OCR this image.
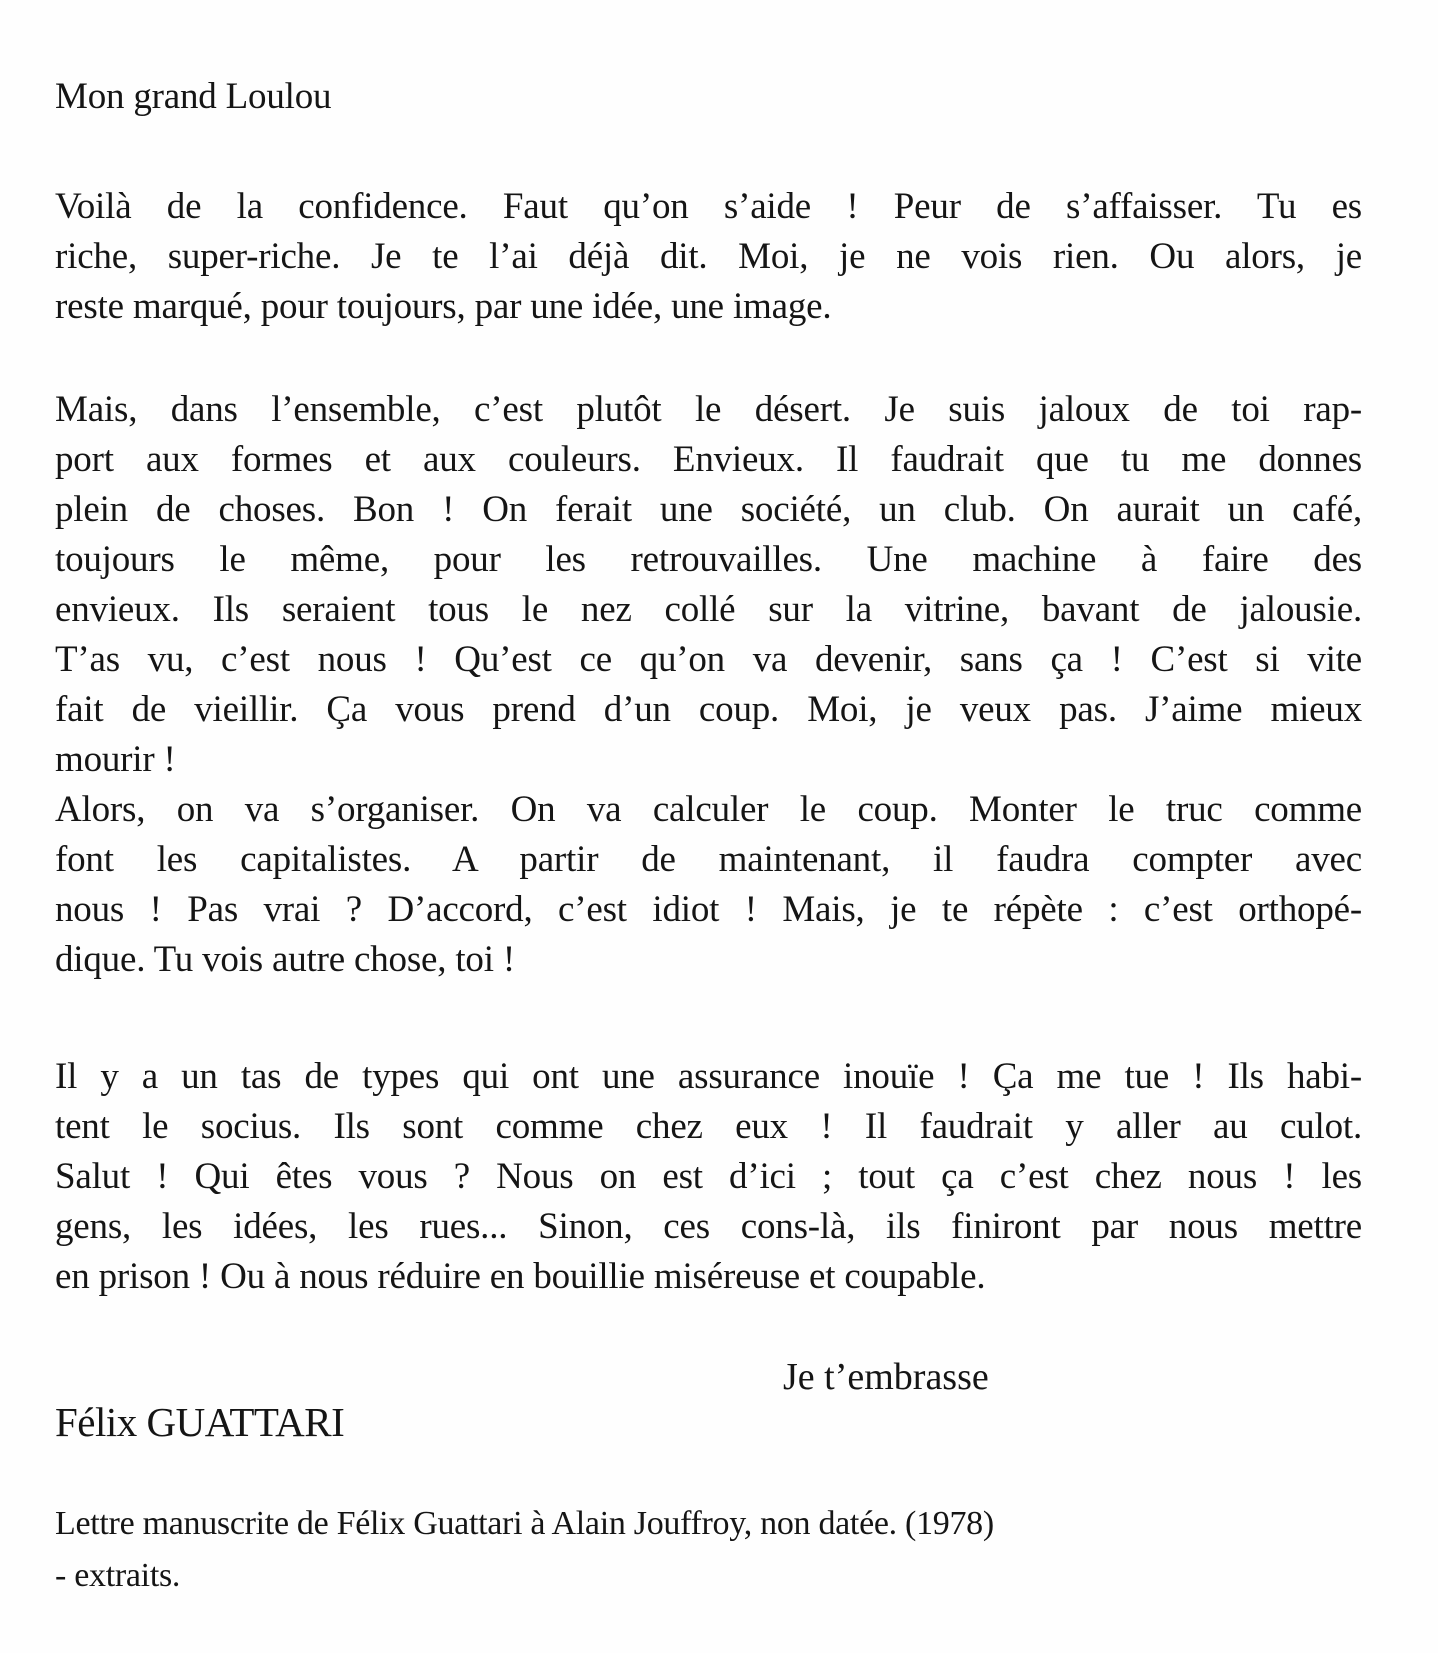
Mon grand Loulou
Voilà de la confidence. Faut qu’on s’aide ! Peur de s’affaisser. Tu es
riche, super-riche. Je te l’ai déjà dit. Moi, je ne vois rien. Ou alors, je
reste marqué, pour toujours, par une idée, une image.
Mais, dans l’ensemble, c’est plutôt le désert. Je suis jaloux de toi rap-
port aux formes et aux couleurs. Envieux. Il faudrait que tu me donnes
plein de choses. Bon ! On ferait une société, un club. On aurait un café,
toujours le même, pour les retrouvailles. Une machine à faire des
envieux. Ils seraient tous le nez collé sur la vitrine, bavant de jalousie.
T’as vu, c’est nous ! Qu’est ce qu’on va devenir, sans ça ! C’est si vite
fait de vieillir. Ça vous prend d’un coup. Moi, je veux pas. J’aime mieux
mourir !
Alors, on va s’organiser. On va calculer le coup. Monter le truc comme
font les capitalistes. A partir de maintenant, il faudra compter avec
nous ! Pas vrai ? D’accord, c’est idiot ! Mais, je te répète : c’est orthopé-
dique. Tu vois autre chose, toi !
Il y a un tas de types qui ont une assurance inouïe ! Ça me tue ! Ils habi-
tent le socius. Ils sont comme chez eux ! Il faudrait y aller au culot.
Salut ! Qui êtes vous ? Nous on est d’ici ; tout ça c’est chez nous ! les
gens, les idées, les rues... Sinon, ces cons-là, ils finiront par nous mettre
en prison ! Ou à nous réduire en bouillie miséreuse et coupable.
Je t’embrasse
Félix GUATTARI
Lettre manuscrite de Félix Guattari à Alain Jouffroy, non datée. (1978)
- extraits.
